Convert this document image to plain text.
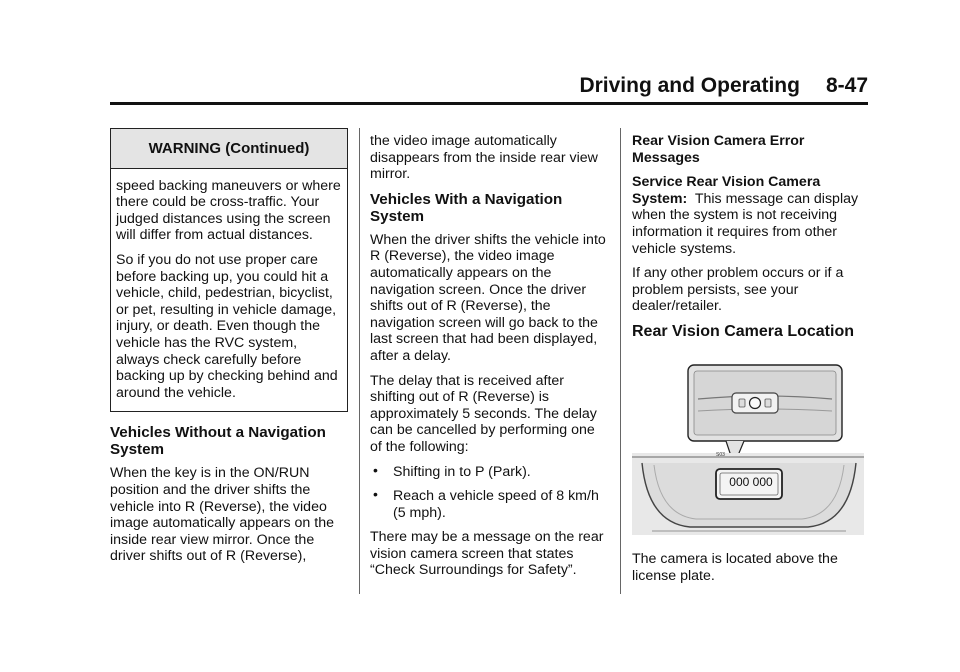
Driving and Operating 8-47
WARNING (Continued)

speed backing maneuvers or where there could be cross-traffic. Your judged distances using the screen will differ from actual distances.

So if you do not use proper care before backing up, you could hit a vehicle, child, pedestrian, bicyclist, or pet, resulting in vehicle damage, injury, or death. Even though the vehicle has the RVC system, always check carefully before backing up by checking behind and around the vehicle.

Vehicles Without a Navigation System

When the key is in the ON/RUN position and the driver shifts the vehicle into R (Reverse), the video image automatically appears on the inside rear view mirror. Once the driver shifts out of R (Reverse),

the video image automatically disappears from the inside rear view mirror.

Vehicles With a Navigation System

When the driver shifts the vehicle into R (Reverse), the video image automatically appears on the navigation screen. Once the driver shifts out of R (Reverse), the navigation screen will go back to the last screen that had been displayed, after a delay.

The delay that is received after shifting out of R (Reverse) is approximately 5 seconds. The delay can be cancelled by performing one of the following:

• Shifting in to P (Park).
• Reach a vehicle speed of 8 km/h (5 mph).

There may be a message on the rear vision camera screen that states “Check Surroundings for Safety”.

Rear Vision Camera Error Messages

Service Rear Vision Camera System: This message can display when the system is not receiving information it requires from other vehicle systems.

If any other problem occurs or if a problem persists, see your dealer/retailer.

Rear Vision Camera Location
S03
000 000

The camera is located above the license plate.
